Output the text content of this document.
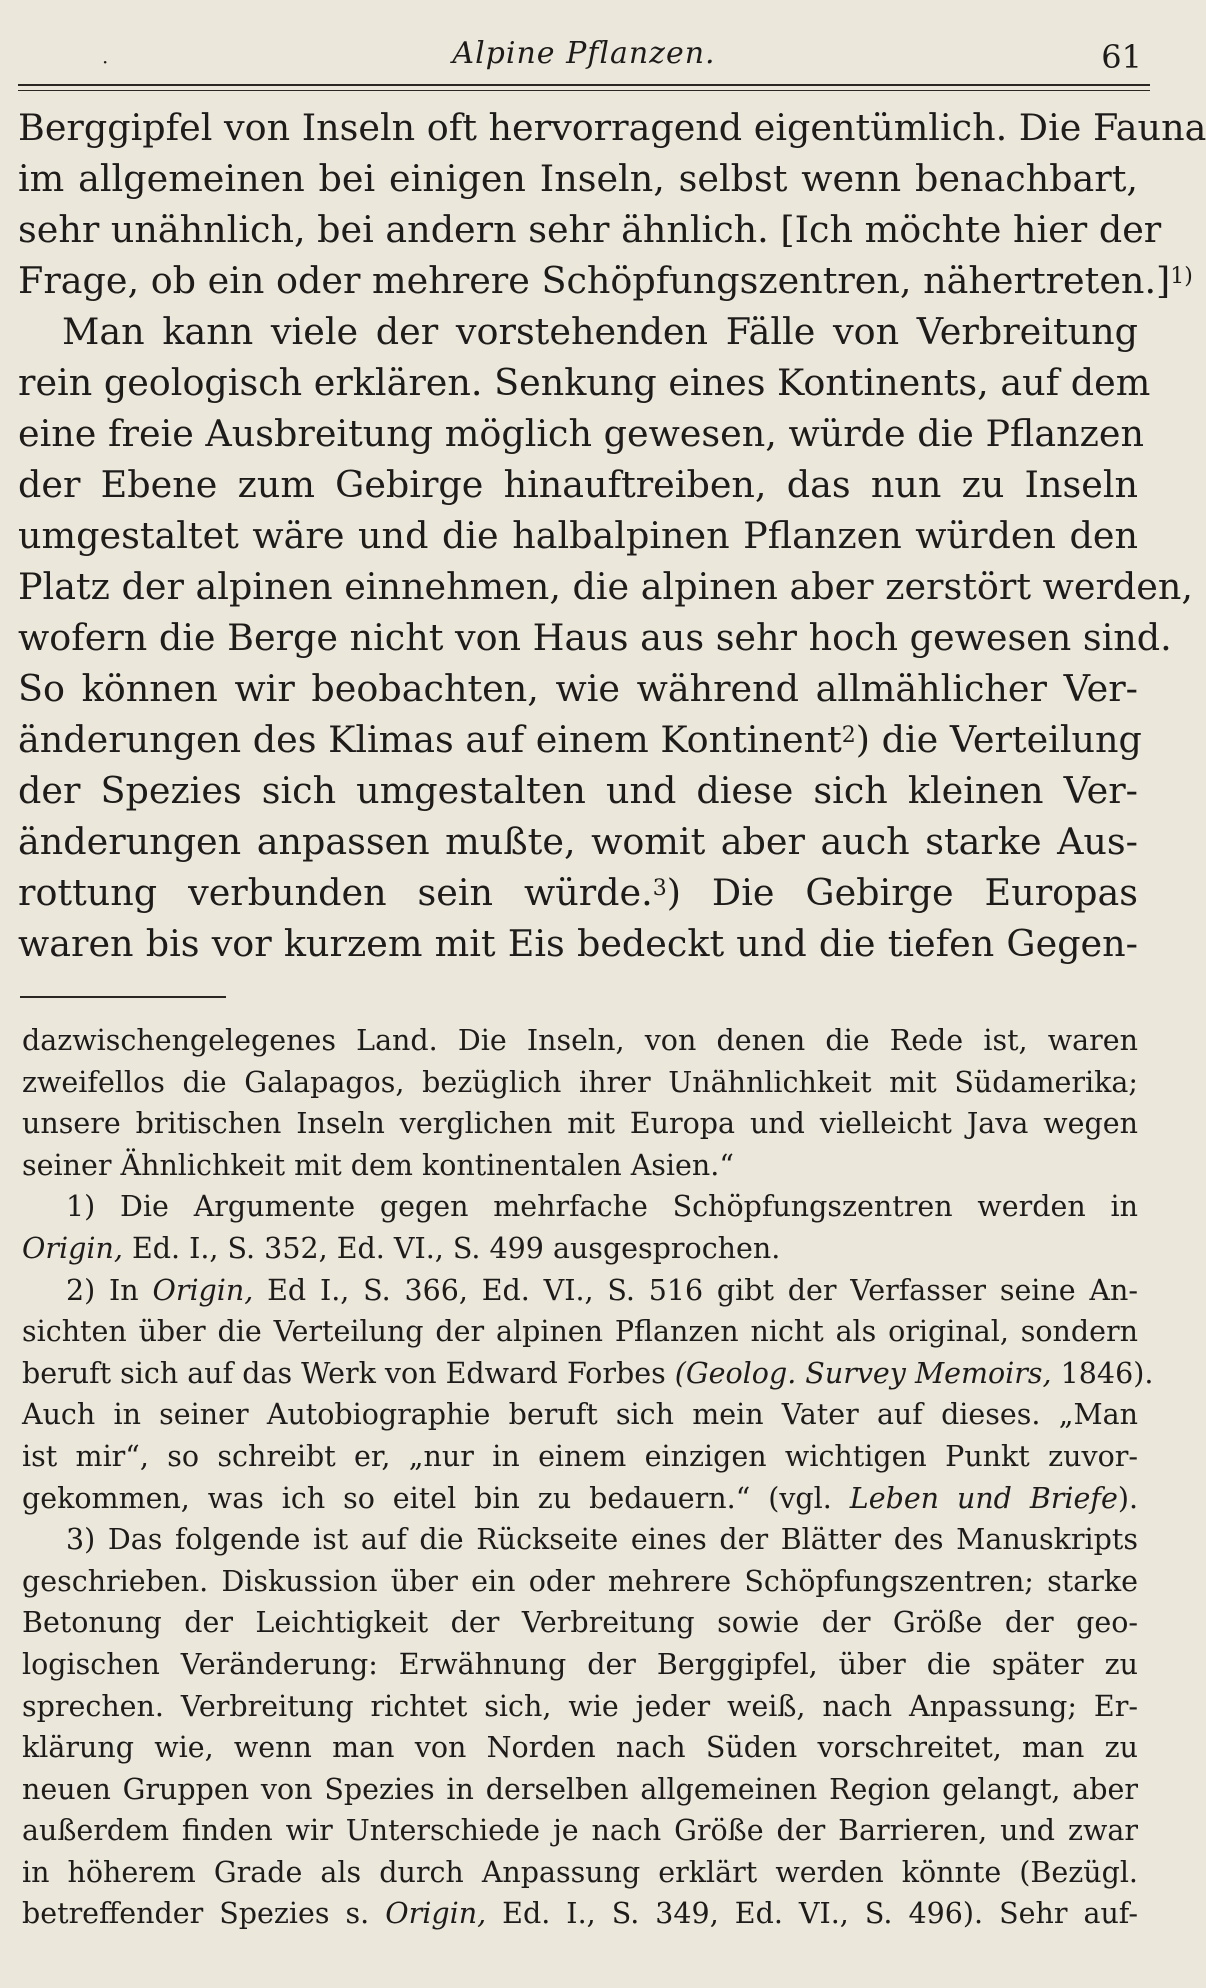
·	Alpine Pflanzen.	61
Berggipfel von Inseln oft hervorragend eigentümlich. Die Fauna
im allgemeinen bei einigen Inseln, selbst wenn benachbart,
sehr unähnlich, bei andern sehr ähnlich. [Ich möchte hier der
Frage, ob ein oder mehrere Schöpfungszentren, nähertreten.]$^{1)}$
Man kann viele der vorstehenden Fälle von Verbreitung
rein geologisch erklären. Senkung eines Kontinents, auf dem
eine freie Ausbreitung möglich gewesen, würde die Pflanzen
der Ebene zum Gebirge hinauftreiben, das nun zu Inseln
umgestaltet wäre und die halbalpinen Pflanzen würden den
Platz der alpinen einnehmen, die alpinen aber zerstört werden,
wofern die Berge nicht von Haus aus sehr hoch gewesen sind.
So können wir beobachten, wie während allmählicher Ver-
änderungen des Klimas auf einem Kontinent$^2$) die Verteilung
der Spezies sich umgestalten und diese sich kleinen Ver-
änderungen anpassen mußte, womit aber auch starke Aus-
rottung verbunden sein würde.$^3$) Die Gebirge Europas
waren bis vor kurzem mit Eis bedeckt und die tiefen Gegen-
dazwischengelegenes Land. Die Inseln, von denen die Rede ist, waren
zweifellos die Galapagos, bezüglich ihrer Unähnlichkeit mit Südamerika;
unsere britischen Inseln verglichen mit Europa und vielleicht Java wegen
seiner Ähnlichkeit mit dem kontinentalen Asien.“
1) Die Argumente gegen mehrfache Schöpfungszentren werden in
Origin, Ed. I., S. 352, Ed. VI., S. 499 ausgesprochen.
2) In Origin, Ed I., S. 366, Ed. VI., S. 516 gibt der Verfasser seine An-
sichten über die Verteilung der alpinen Pflanzen nicht als original, sondern
beruft sich auf das Werk von Edward Forbes (Geolog. Survey Memoirs, 1846).
Auch in seiner Autobiographie beruft sich mein Vater auf dieses. „Man
ist mir“, so schreibt er, „nur in einem einzigen wichtigen Punkt zuvor-
gekommen, was ich so eitel bin zu bedauern.“ (vgl. Leben und Briefe).
3) Das folgende ist auf die Rückseite eines der Blätter des Manuskripts
geschrieben. Diskussion über ein oder mehrere Schöpfungszentren; starke
Betonung der Leichtigkeit der Verbreitung sowie der Größe der geo-
logischen Veränderung: Erwähnung der Berggipfel, über die später zu
sprechen. Verbreitung richtet sich, wie jeder weiß, nach Anpassung; Er-
klärung wie, wenn man von Norden nach Süden vorschreitet, man zu
neuen Gruppen von Spezies in derselben allgemeinen Region gelangt, aber
außerdem finden wir Unterschiede je nach Größe der Barrieren, und zwar
in höherem Grade als durch Anpassung erklärt werden könnte (Bezügl.
betreffender Spezies s. Origin, Ed. I., S. 349, Ed. VI., S. 496). Sehr auf-
